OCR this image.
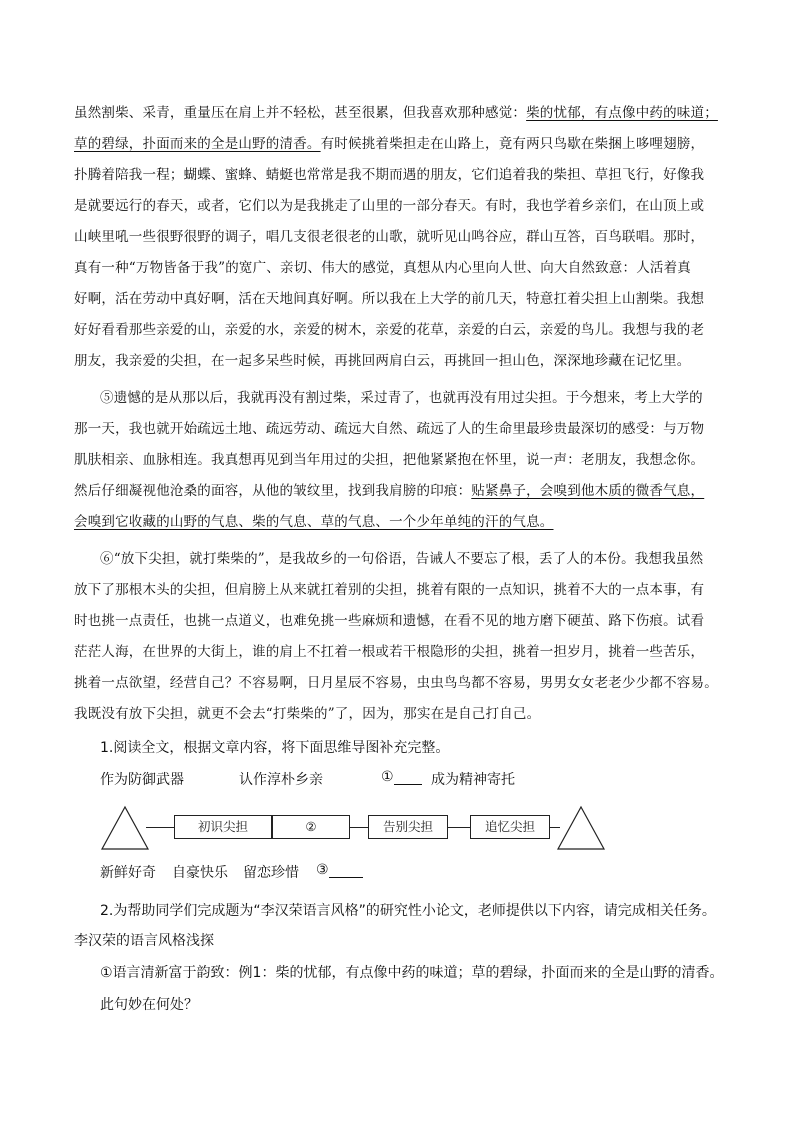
虽然割柴、采青，重量压在肩上并不轻松，甚至很累，但我喜欢那种感觉：柴的忧郁，有点像中药的味道；
草的碧绿，扑面而来的全是山野的清香。有时候挑着柴担走在山路上，竟有两只鸟歇在柴捆上哆哩翅膀，
扑腾着陪我一程；蝴蝶、蜜蜂、蜻蜓也常常是我不期而遇的朋友，它们追着我的柴担、草担飞行，好像我
是就要远行的春天，或者，它们以为是我挑走了山里的一部分春天。有时，我也学着乡亲们，在山顶上或
山峡里吼一些很野很野的调子，唱几支很老很老的山歌，就听见山鸣谷应，群山互答，百鸟联唱。那时，
真有一种“万物皆备于我”的宽广、亲切、伟大的感觉，真想从内心里向人世、向大自然致意：人活着真
好啊，活在劳动中真好啊，活在天地间真好啊。所以我在上大学的前几天，特意扛着尖担上山割柴。我想
好好看看那些亲爱的山，亲爱的水，亲爱的树木，亲爱的花草，亲爱的白云，亲爱的鸟儿。我想与我的老
朋友，我亲爱的尖担，在一起多呆些时候，再挑回两肩白云，再挑回一担山色，深深地珍藏在记忆里。
⑤遗憾的是从那以后，我就再没有割过柴，采过青了，也就再没有用过尖担。于今想来，考上大学的
那一天，我也就开始疏远土地、疏远劳动、疏远大自然、疏远了人的生命里最珍贵最深切的感受：与万物
肌肤相亲、血脉相连。我真想再见到当年用过的尖担，把他紧紧抱在怀里，说一声：老朋友，我想念你。
然后仔细凝视他沧桑的面容，从他的皱纹里，找到我肩膀的印痕：贴紧鼻子，会嗅到他木质的微香气息，
会嗅到它收藏的山野的气息、柴的气息、草的气息、一个少年单纯的汗的气息。
⑥“放下尖担，就打柴柴的”，是我故乡的一句俗语，告诫人不要忘了根，丢了人的本份。我想我虽然
放下了那根木头的尖担，但肩膀上从来就扛着别的尖担，挑着有限的一点知识，挑着不大的一点本事，有
时也挑一点责任，也挑一点道义，也难免挑一些麻烦和遗憾，在看不见的地方磨下硬茧、路下伤痕。试看
茫茫人海，在世界的大街上，谁的肩上不扛着一根或若干根隐形的尖担，挑着一担岁月，挑着一些苦乐，
挑着一点欲望，经营自己？不容易啊，日月星辰不容易，虫虫鸟鸟都不容易，男男女女老老少少都不容易。
我既没有放下尖担，就更不会去“打柴柴的”了，因为，那实在是自己打自己。
1.阅读全文，根据文章内容，将下面思维导图补充完整。
作为防御武器	认作淳朴乡亲	①	成为精神寄托
初识尖担	②	告别尖担	追忆尖担
新鲜好奇 自豪快乐 留恋珍惜 ③
2.为帮助同学们完成题为“李汉荣语言风格”的研究性小论文，老师提供以下内容，请完成相关任务。
李汉荣的语言风格浅探
①语言清新富于韵致：例1：柴的忧郁，有点像中药的味道；草的碧绿，扑面而来的全是山野的清香。
此句妙在何处？
